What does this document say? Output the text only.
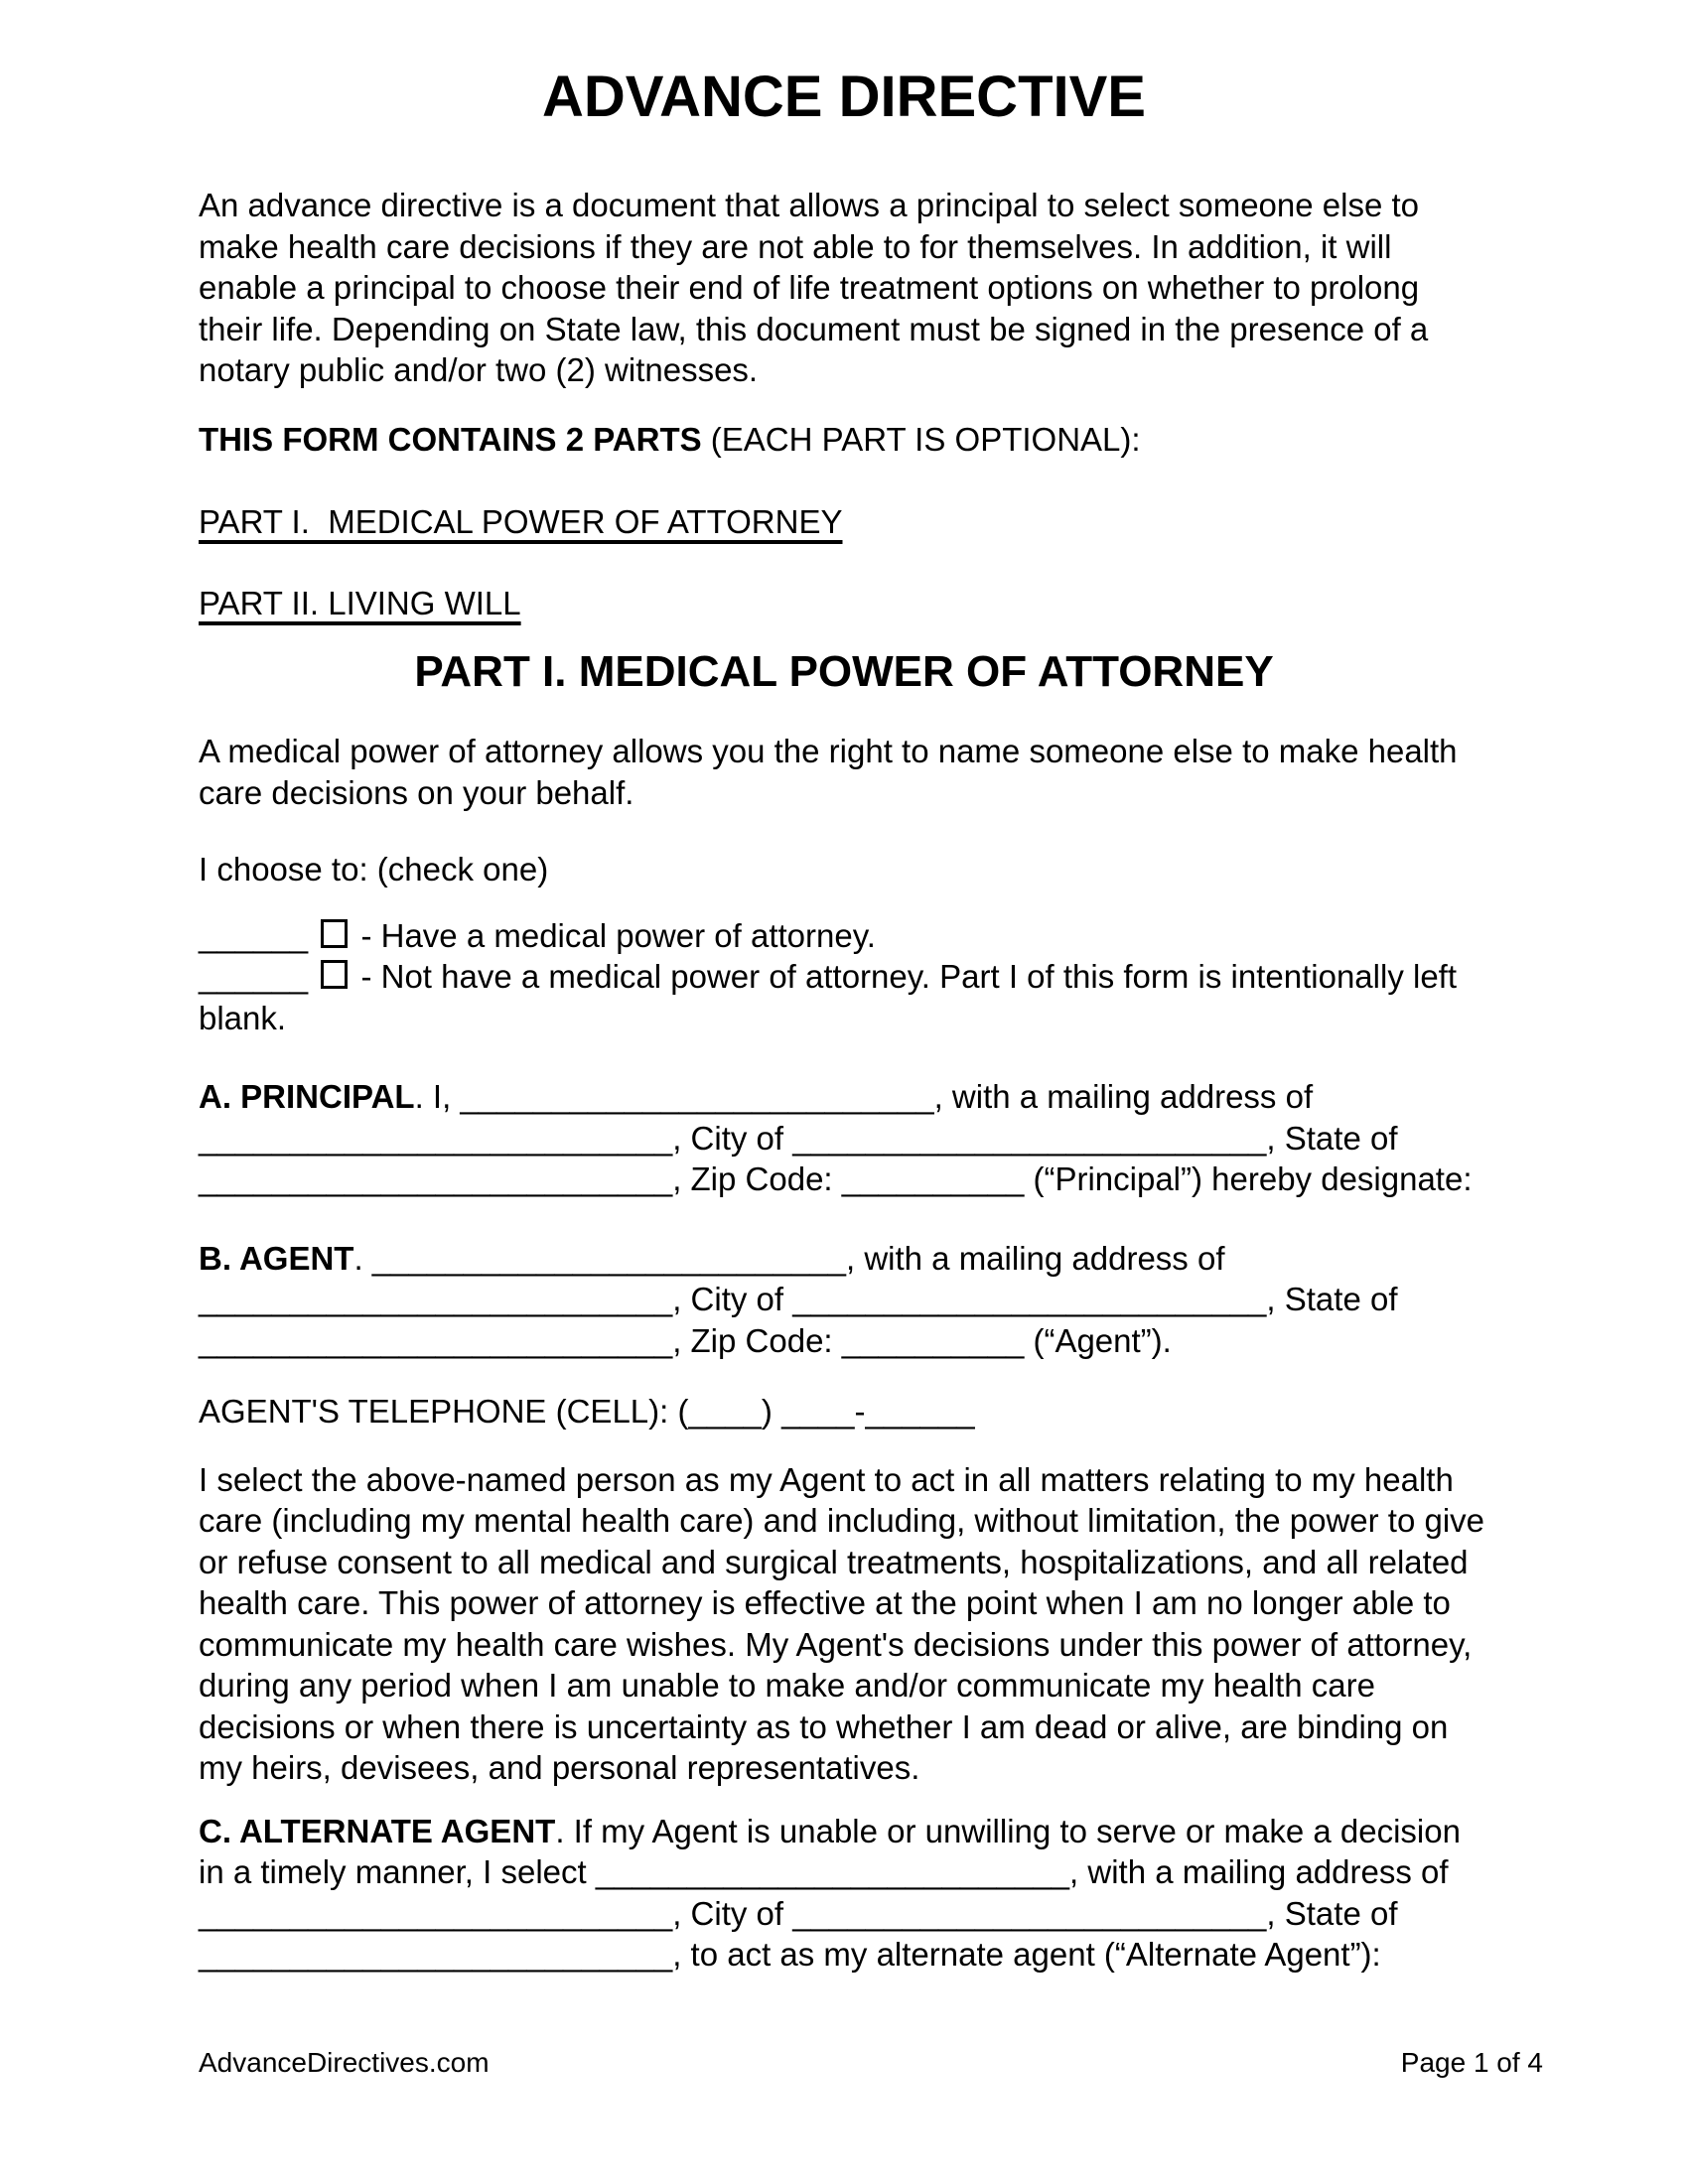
ADVANCE DIRECTIVE

An advance directive is a document that allows a principal to select someone else to make health care decisions if they are not able to for themselves. In addition, it will enable a principal to choose their end of life treatment options on whether to prolong their life. Depending on State law, this document must be signed in the presence of a notary public and/or two (2) witnesses.

THIS FORM CONTAINS 2 PARTS (EACH PART IS OPTIONAL):

PART I.  MEDICAL POWER OF ATTORNEY

PART II. LIVING WILL

PART I. MEDICAL POWER OF ATTORNEY

A medical power of attorney allows you the right to name someone else to make health care decisions on your behalf.

I choose to: (check one)

______  - Have a medical power of attorney.
______  - Not have a medical power of attorney. Part I of this form is intentionally left blank.

A. PRINCIPAL. I, __________________________, with a mailing address of __________________________, City of __________________________, State of __________________________, Zip Code: __________ (“Principal”) hereby designate:

B. AGENT. __________________________, with a mailing address of __________________________, City of __________________________, State of __________________________, Zip Code: __________ (“Agent”).

AGENT'S TELEPHONE (CELL): (____) ____-______

I select the above-named person as my Agent to act in all matters relating to my health care (including my mental health care) and including, without limitation, the power to give or refuse consent to all medical and surgical treatments, hospitalizations, and all related health care. This power of attorney is effective at the point when I am no longer able to communicate my health care wishes. My Agent's decisions under this power of attorney, during any period when I am unable to make and/or communicate my health care decisions or when there is uncertainty as to whether I am dead or alive, are binding on my heirs, devisees, and personal representatives.

C. ALTERNATE AGENT. If my Agent is unable or unwilling to serve or make a decision in a timely manner, I select __________________________, with a mailing address of __________________________, City of __________________________, State of __________________________, to act as my alternate agent (“Alternate Agent”):

AdvanceDirectives.com	Page 1 of 4
